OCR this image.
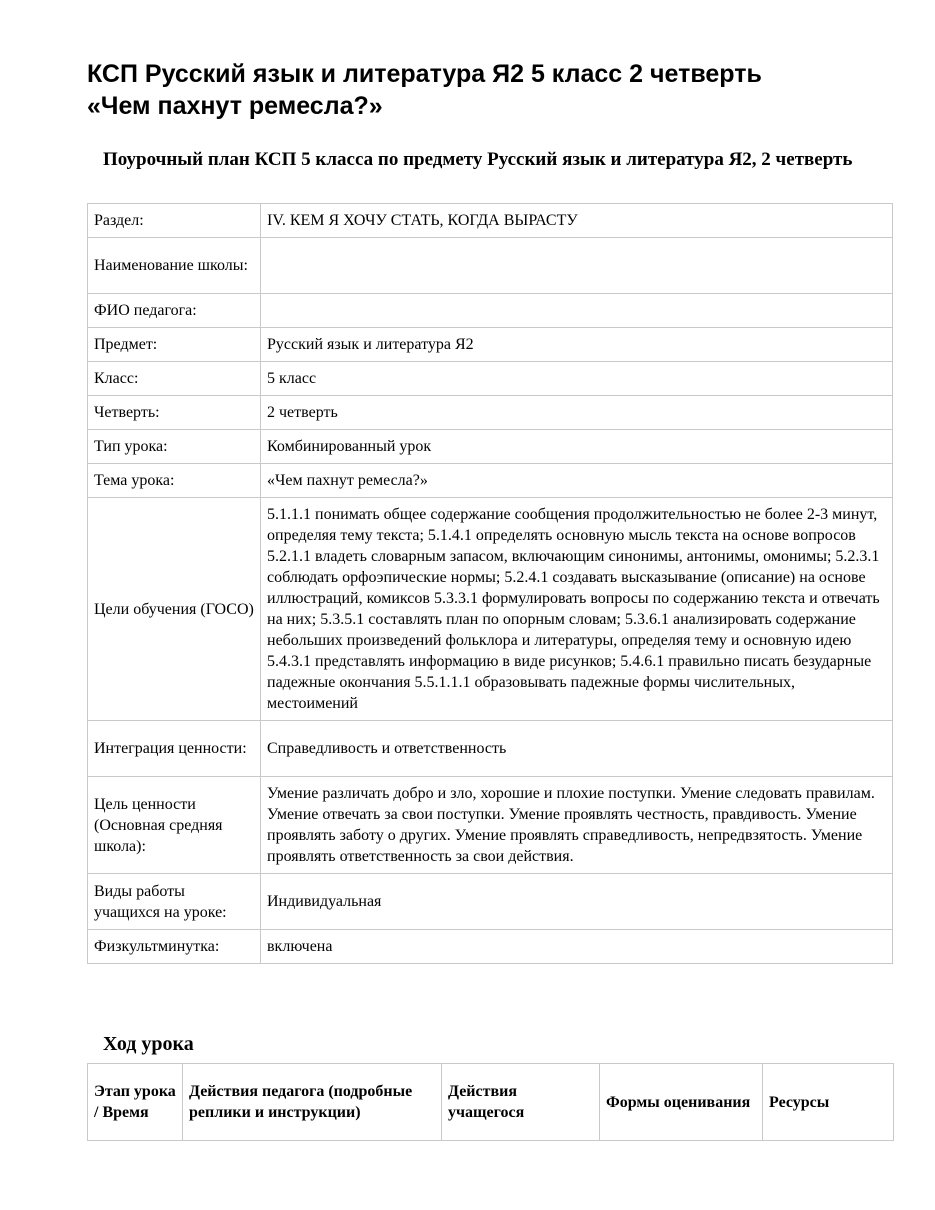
КСП Русский язык и литература Я2 5 класс 2 четверть
«Чем пахнут ремесла?»
Поурочный план КСП 5 класса по предмету Русский язык и литература Я2, 2 четверть
Раздел:	IV. КЕМ Я ХОЧУ СТАТЬ, КОГДА ВЫРАСТУ
Наименование школы:	
ФИО педагога:	
Предмет:	Русский язык и литература Я2
Класс:	5 класс
Четверть:	2 четверть
Тип урока:	Комбинированный урок
Тема урока:	«Чем пахнут ремесла?»
Цели обучения (ГОСО)	5.1.1.1 понимать общее содержание сообщения продолжительностью не более 2-3 минут, определяя тему текста; 5.1.4.1 определять основную мысль текста на основе вопросов 5.2.1.1 владеть словарным запасом, включающим синонимы, антонимы, омонимы; 5.2.3.1 соблюдать орфоэпические нормы; 5.2.4.1 создавать высказывание (описание) на основе иллюстраций, комиксов 5.3.3.1 формулировать вопросы по содержанию текста и отвечать на них; 5.3.5.1 составлять план по опорным словам; 5.3.6.1 анализировать содержание небольших произведений фольклора и литературы, определяя тему и основную идею 5.4.3.1 представлять информацию в виде рисунков; 5.4.6.1 правильно писать безударные падежные окончания 5.5.1.1.1 образовывать падежные формы числительных, местоимений
Интеграция ценности:	Справедливость и ответственность
Цель ценности (Основная средняя школа):	Умение различать добро и зло, хорошие и плохие поступки. Умение следовать правилам. Умение отвечать за свои поступки. Умение проявлять честность, правдивость. Умение проявлять заботу о других. Умение проявлять справедливость, непредвзятость. Умение проявлять ответственность за свои действия.
Виды работы учащихся на уроке:	Индивидуальная
Физкультминутка:	включена
Ход урока
Этап урока / Время	Действия педагога (подробные реплики и инструкции)	Действия учащегося	Формы оценивания	Ресурсы
